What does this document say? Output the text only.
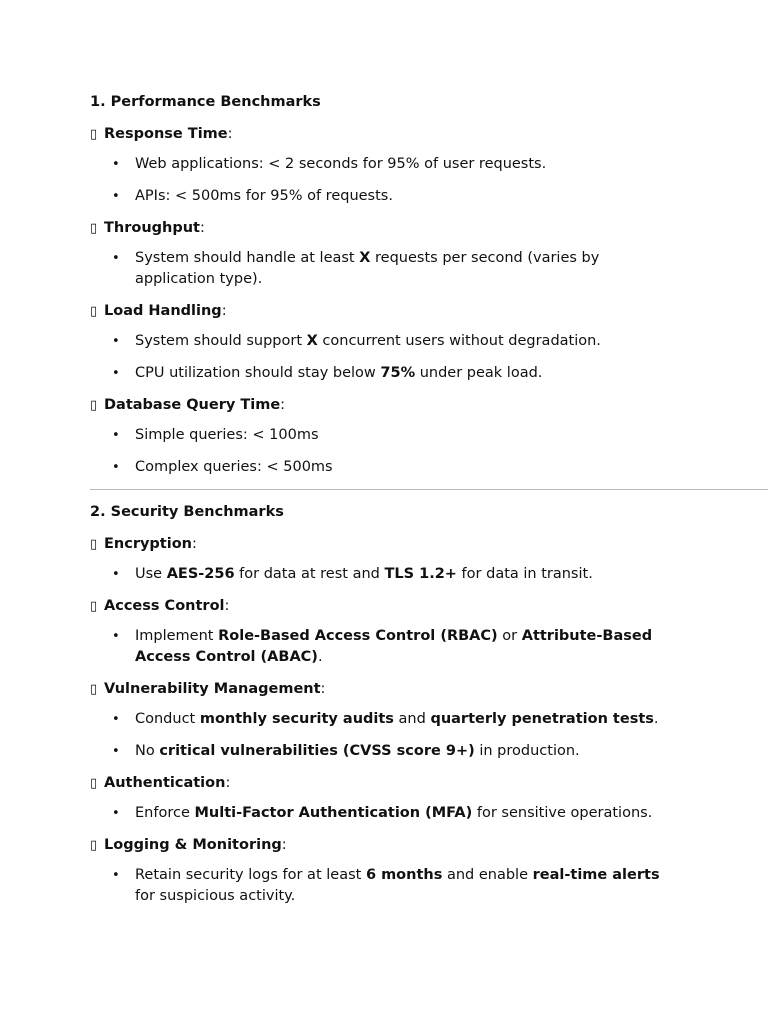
1. Performance Benchmarks
▯ Response Time:
• Web applications: < 2 seconds for 95% of user requests.
• APIs: < 500ms for 95% of requests.
▯ Throughput:
• System should handle at least X requests per second (varies by application type).
▯ Load Handling:
• System should support X concurrent users without degradation.
• CPU utilization should stay below 75% under peak load.
▯ Database Query Time:
• Simple queries: < 100ms
• Complex queries: < 500ms
2. Security Benchmarks
▯ Encryption:
• Use AES-256 for data at rest and TLS 1.2+ for data in transit.
▯ Access Control:
• Implement Role-Based Access Control (RBAC) or Attribute-Based Access Control (ABAC).
▯ Vulnerability Management:
• Conduct monthly security audits and quarterly penetration tests.
• No critical vulnerabilities (CVSS score 9+) in production.
▯ Authentication:
• Enforce Multi-Factor Authentication (MFA) for sensitive operations.
▯ Logging & Monitoring:
• Retain security logs for at least 6 months and enable real-time alerts for suspicious activity.
